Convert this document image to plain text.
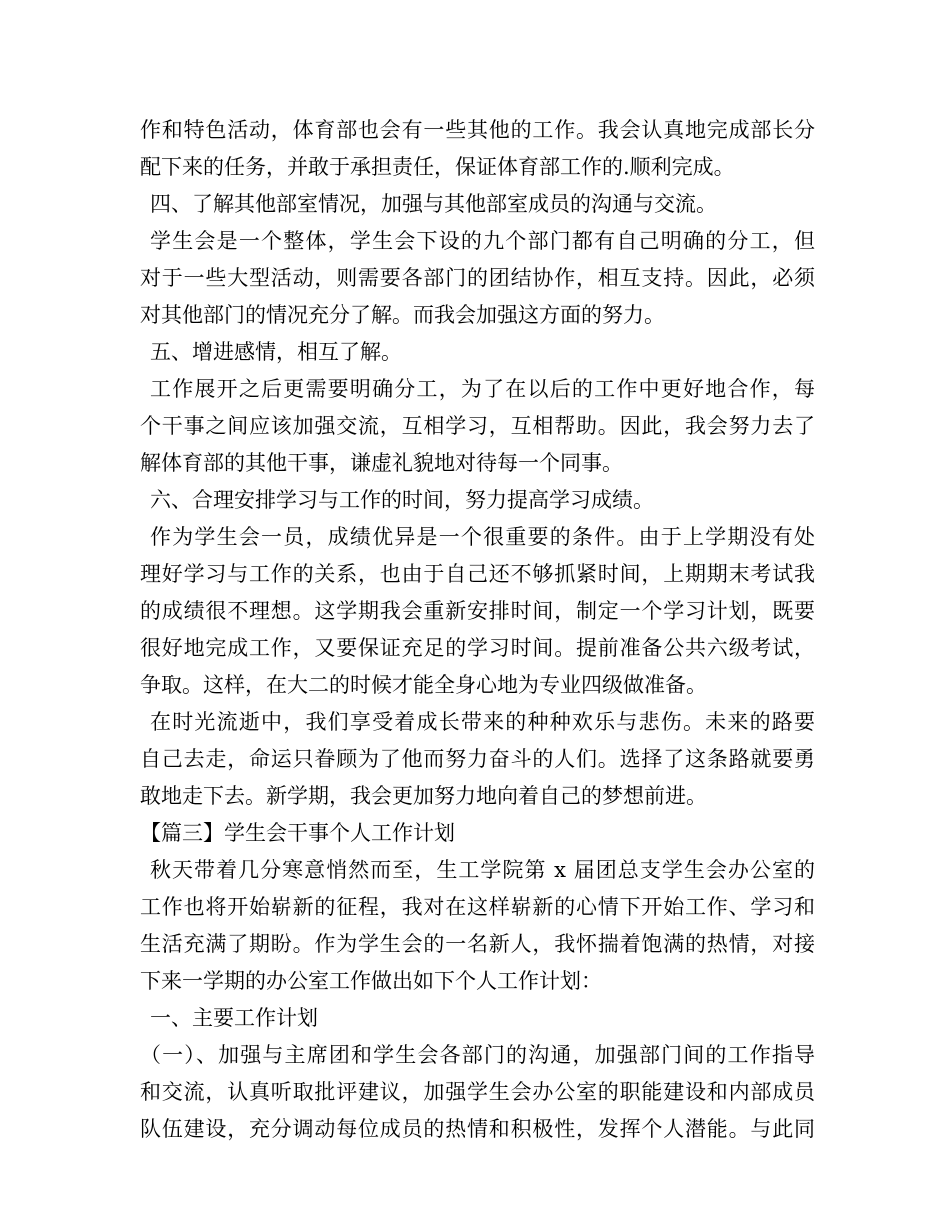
作和特色活动，体育部也会有一些其他的工作。我会认真地完成部长分
配下来的任务，并敢于承担责任，保证体育部工作的.顺利完成。
四、了解其他部室情况，加强与其他部室成员的沟通与交流。
学生会是一个整体，学生会下设的九个部门都有自己明确的分工，但
对于一些大型活动，则需要各部门的团结协作，相互支持。因此，必须
对其他部门的情况充分了解。而我会加强这方面的努力。
五、增进感情，相互了解。
工作展开之后更需要明确分工，为了在以后的工作中更好地合作，每
个干事之间应该加强交流，互相学习，互相帮助。因此，我会努力去了
解体育部的其他干事，谦虚礼貌地对待每一个同事。
六、合理安排学习与工作的时间，努力提高学习成绩。
作为学生会一员，成绩优异是一个很重要的条件。由于上学期没有处
理好学习与工作的关系，也由于自己还不够抓紧时间，上期期末考试我
的成绩很不理想。这学期我会重新安排时间，制定一个学习计划，既要
很好地完成工作，又要保证充足的学习时间。提前准备公共六级考试，
争取。这样，在大二的时候才能全身心地为专业四级做准备。
在时光流逝中，我们享受着成长带来的种种欢乐与悲伤。未来的路要
自己去走，命运只眷顾为了他而努力奋斗的人们。选择了这条路就要勇
敢地走下去。新学期，我会更加努力地向着自己的梦想前进。
【篇三】学生会干事个人工作计划
秋天带着几分寒意悄然而至，生工学院第 x 届团总支学生会办公室的
工作也将开始崭新的征程，我对在这样崭新的心情下开始工作、学习和
生活充满了期盼。作为学生会的一名新人，我怀揣着饱满的热情，对接
下来一学期的办公室工作做出如下个人工作计划：
一、主要工作计划
（一）、加强与主席团和学生会各部门的沟通，加强部门间的工作指导
和交流，认真听取批评建议，加强学生会办公室的职能建设和内部成员
队伍建设，充分调动每位成员的热情和积极性，发挥个人潜能。与此同
